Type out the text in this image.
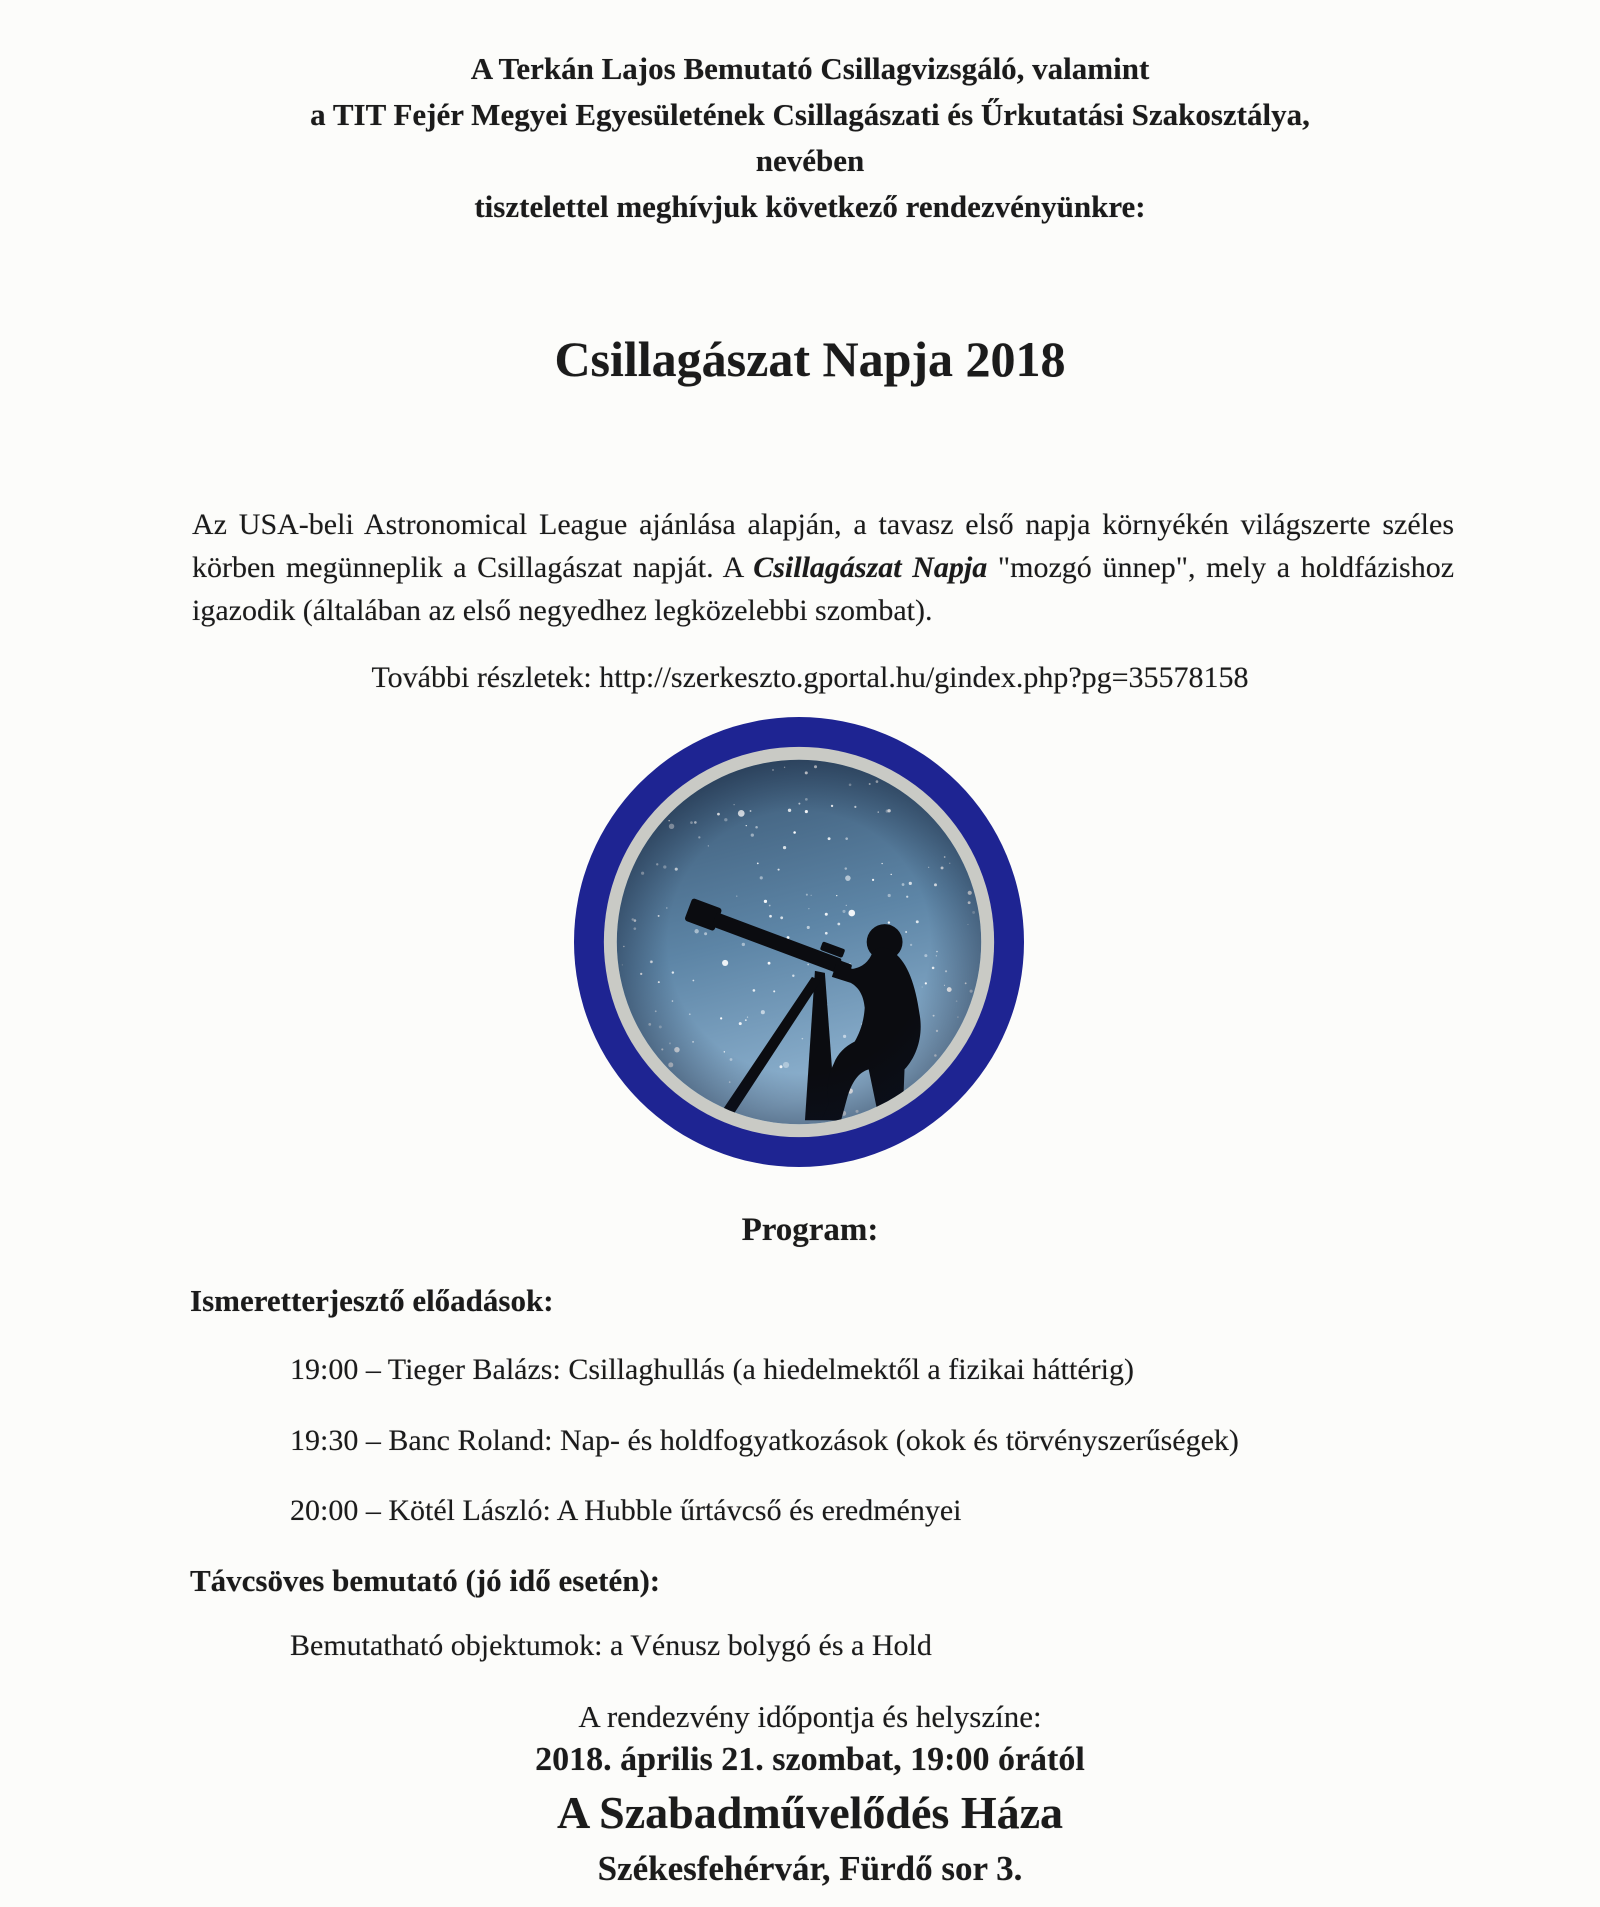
A Terkán Lajos Bemutató Csillagvizsgáló, valamint
a TIT Fejér Megyei Egyesületének Csillagászati és Űrkutatási Szakosztálya,
nevében
tisztelettel meghívjuk következő rendezvényünkre:
Csillagászat Napja 2018
Az USA-beli Astronomical League ajánlása alapján, a tavasz első napja környékén világszerte széles körben megünneplik a Csillagászat napját. A Csillagászat Napja "mozgó ünnep", mely a holdfázishoz igazodik (általában az első negyedhez legközelebbi szombat).
További részletek: http://szerkeszto.gportal.hu/gindex.php?pg=35578158
Program:
Ismeretterjesztő előadások:
19:00 – Tieger Balázs: Csillaghullás (a hiedelmektől a fizikai háttérig)
19:30 – Banc Roland: Nap- és holdfogyatkozások (okok és törvényszerűségek)
20:00 – Kötél László: A Hubble űrtávcső és eredményei
Távcsöves bemutató (jó idő esetén):
Bemutatható objektumok: a Vénusz bolygó és a Hold
A rendezvény időpontja és helyszíne:
2018. április 21. szombat, 19:00 órától
A Szabadművelődés Háza
Székesfehérvár, Fürdő sor 3.
